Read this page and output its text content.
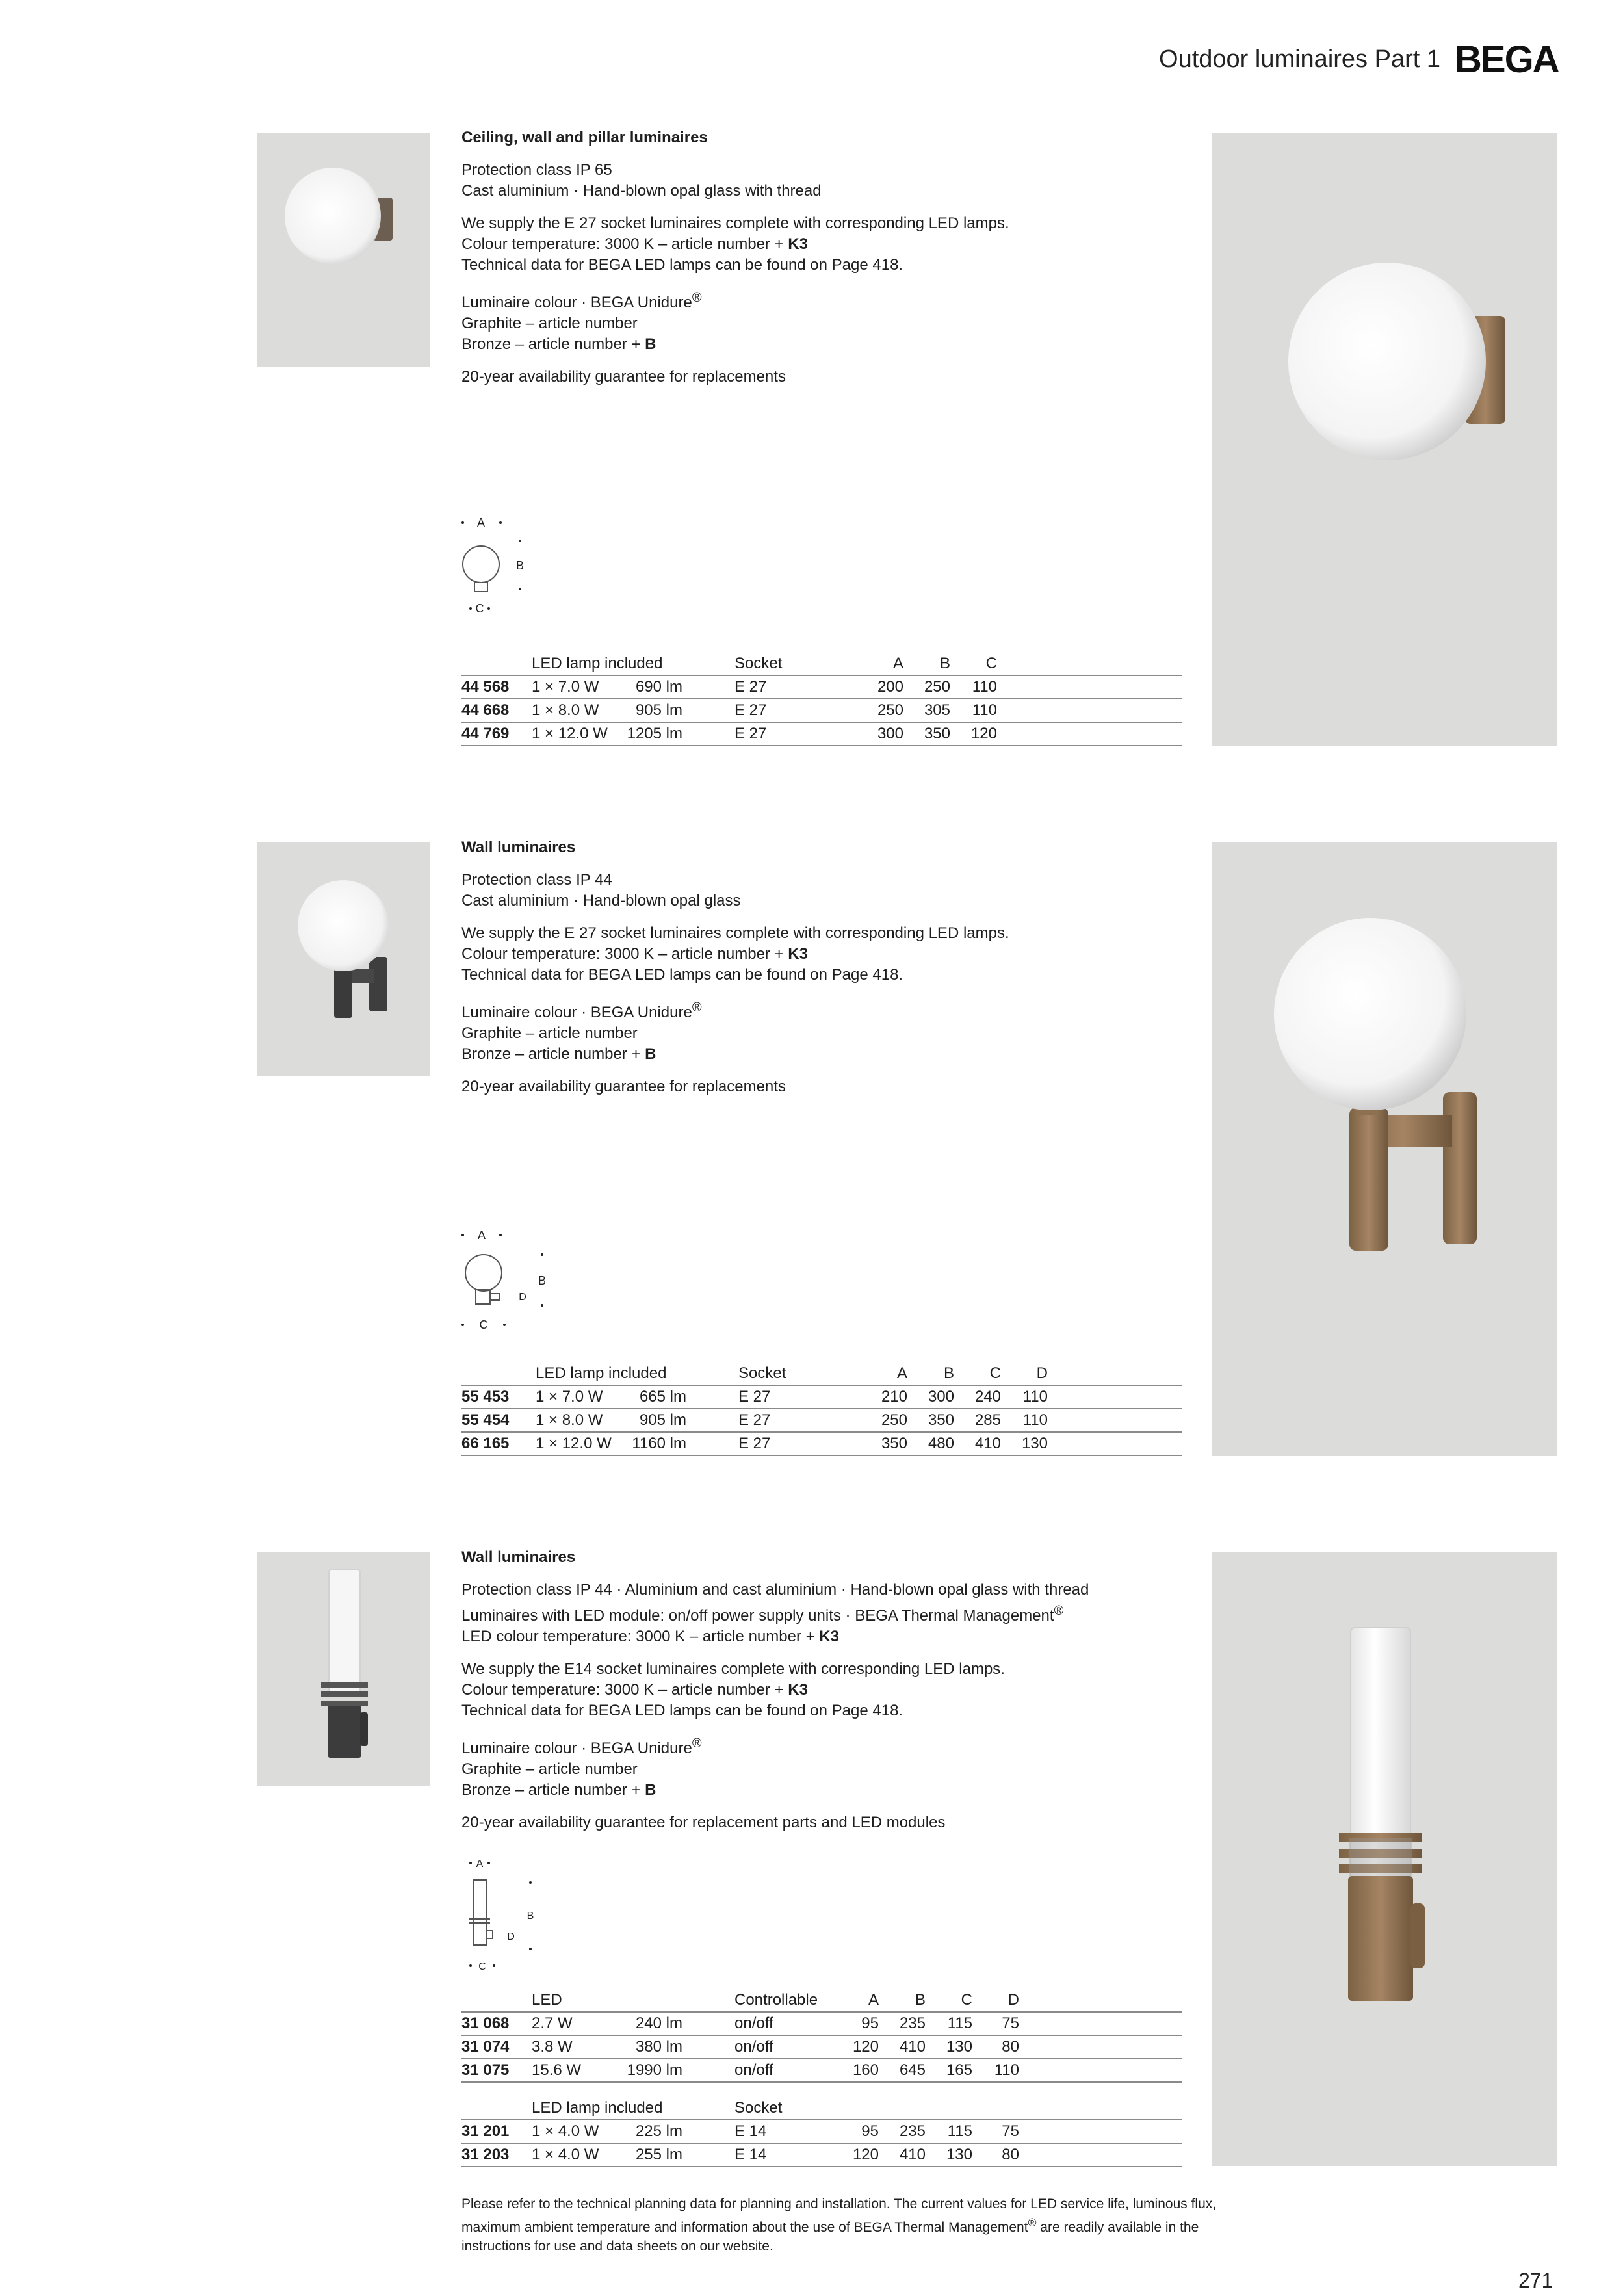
Outdoor luminaires Part 1 BEGA
Ceiling, wall and pillar luminaires

Protection class IP 65
Cast aluminium · Hand-blown opal glass with thread

We supply the E 27 socket luminaires complete with corresponding LED lamps.
Colour temperature: 3000 K – article number + K3
Technical data for BEGA LED lamps can be found on Page 418.

Luminaire colour · BEGA Unidure®
Graphite – article number
Bronze – article number + B

20-year availability guarantee for replacements

A
B
C
	LED lamp included			Socket	A	B	C	
44 568	1 × 7.0 W	690 lm		E 27	200	250	110	
44 668	1 × 8.0 W	905 lm		E 27	250	305	110	
44 769	1 × 12.0 W	1205 lm		E 27	300	350	120	
Wall luminaires

Protection class IP 44
Cast aluminium · Hand-blown opal glass

We supply the E 27 socket luminaires complete with corresponding LED lamps.
Colour temperature: 3000 K – article number + K3
Technical data for BEGA LED lamps can be found on Page 418.

Luminaire colour · BEGA Unidure®
Graphite – article number
Bronze – article number + B

20-year availability guarantee for replacements

A
D
B
C
	LED lamp included			Socket	A	B	C	D	
55 453	1 × 7.0 W	665 lm		E 27	210	300	240	110	
55 454	1 × 8.0 W	905 lm		E 27	250	350	285	110	
66 165	1 × 12.0 W	1160 lm		E 27	350	480	410	130	
Wall luminaires

Protection class IP 44 · Aluminium and cast aluminium · Hand-blown opal glass with thread
Luminaires with LED module: on/off power supply units · BEGA Thermal Management®
LED colour temperature: 3000 K – article number + K3

We supply the E14 socket luminaires complete with corresponding LED lamps.
Colour temperature: 3000 K – article number + K3
Technical data for BEGA LED lamps can be found on Page 418.

Luminaire colour · BEGA Unidure®
Graphite – article number
Bronze – article number + B

20-year availability guarantee for replacement parts and LED modules

A
D
B
C
	LED			Controllable	A	B	C	D	
31 068	2.7 W	240 lm		on/off	95	235	115	75	
31 074	3.8 W	380 lm		on/off	120	410	130	80	
31 075	15.6 W	1990 lm		on/off	160	645	165	110	
	LED lamp included			Socket					
31 201	1 × 4.0 W	225 lm		E 14	95	235	115	75	
31 203	1 × 4.0 W	255 lm		E 14	120	410	130	80	
Please refer to the technical planning data for planning and installation. The current values for LED service life, luminous flux,
maximum ambient temperature and information about the use of BEGA Thermal Management® are readily available in the
instructions for use and data sheets on our website.
271
